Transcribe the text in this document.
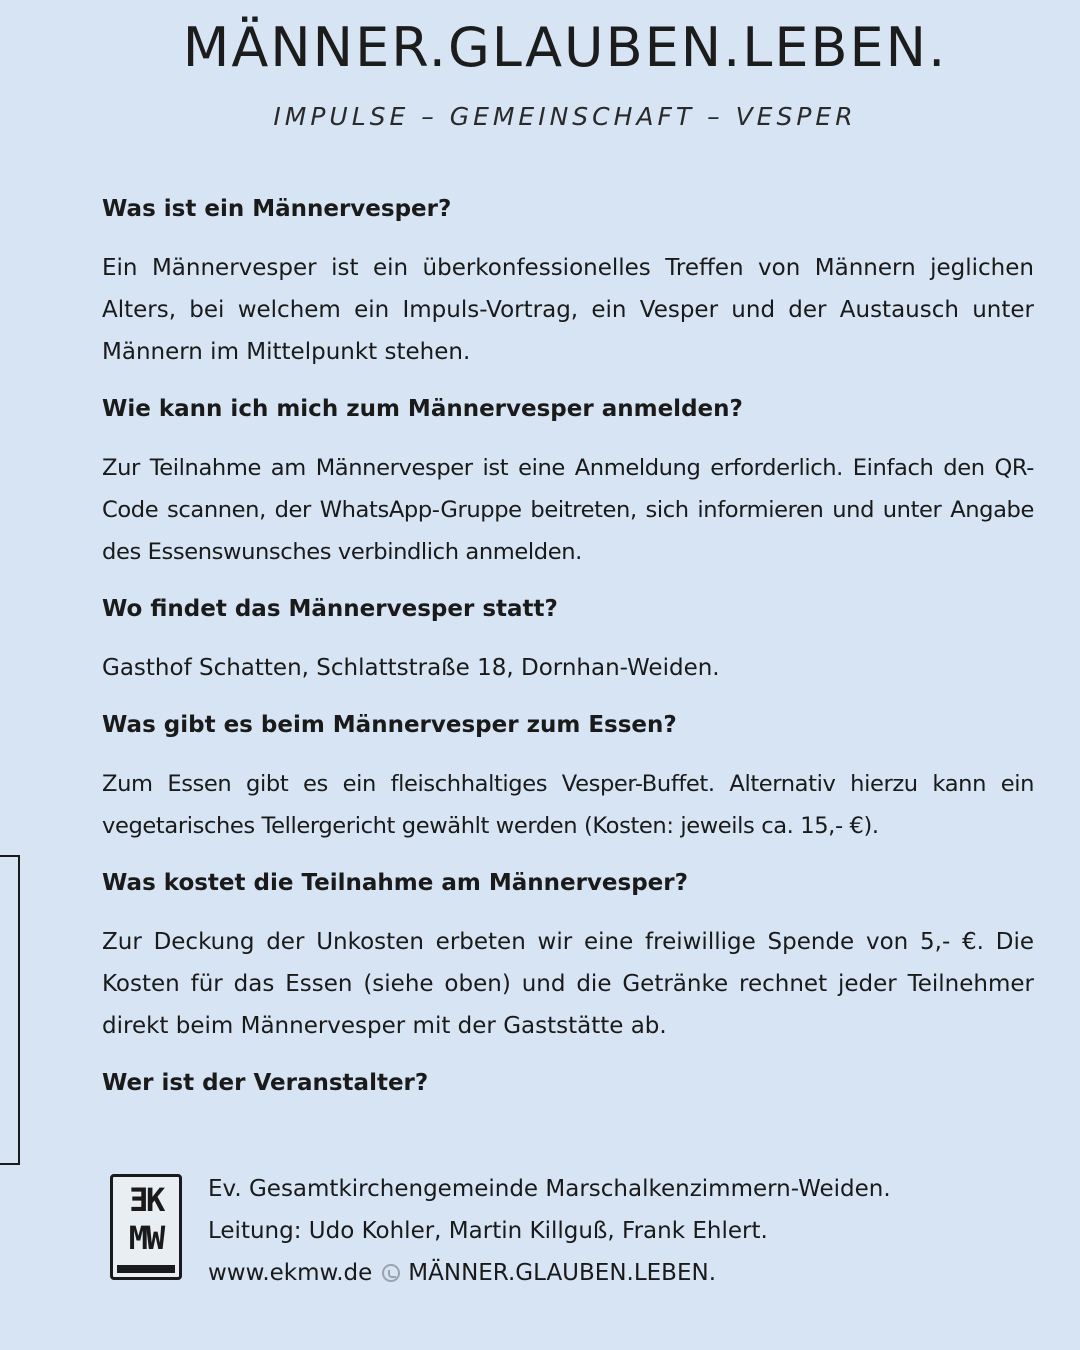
MÄNNER.GLAUBEN.LEBEN.

IMPULSE – GEMEINSCHAFT – VESPER

Was ist ein Männervesper?

Ein Männervesper ist ein überkonfessionelles Treffen von Männern jeglichen Alters, bei welchem ein Impuls-Vortrag, ein Vesper und der Austausch unter Männern im Mittelpunkt stehen.

Wie kann ich mich zum Männervesper anmelden?

Zur Teilnahme am Männervesper ist eine Anmeldung erforderlich. Einfach den QR-Code scannen, der WhatsApp-Gruppe beitreten, sich informieren und unter Angabe des Essenswunsches verbindlich anmelden.

Wo findet das Männervesper statt?

Gasthof Schatten, Schlattstraße 18, Dornhan-Weiden.

Was gibt es beim Männervesper zum Essen?

Zum Essen gibt es ein fleischhaltiges Vesper-Buffet. Alternativ hierzu kann ein vegetarisches Tellergericht gewählt werden (Kosten: jeweils ca. 15,- €).

Was kostet die Teilnahme am Männervesper?

Zur Deckung der Unkosten erbeten wir eine freiwillige Spende von 5,- €. Die Kosten für das Essen (siehe oben) und die Getränke rechnet jeder Teilnehmer direkt beim Männervesper mit der Gaststätte ab.

Wer ist der Veranstalter?

ƎK
MW
Ev. Gesamtkirchengemeinde Marschalkenzimmern-Weiden.
Leitung: Udo Kohler, Martin Killguß, Frank Ehlert.
www.ekmw.de MÄNNER.GLAUBEN.LEBEN.
